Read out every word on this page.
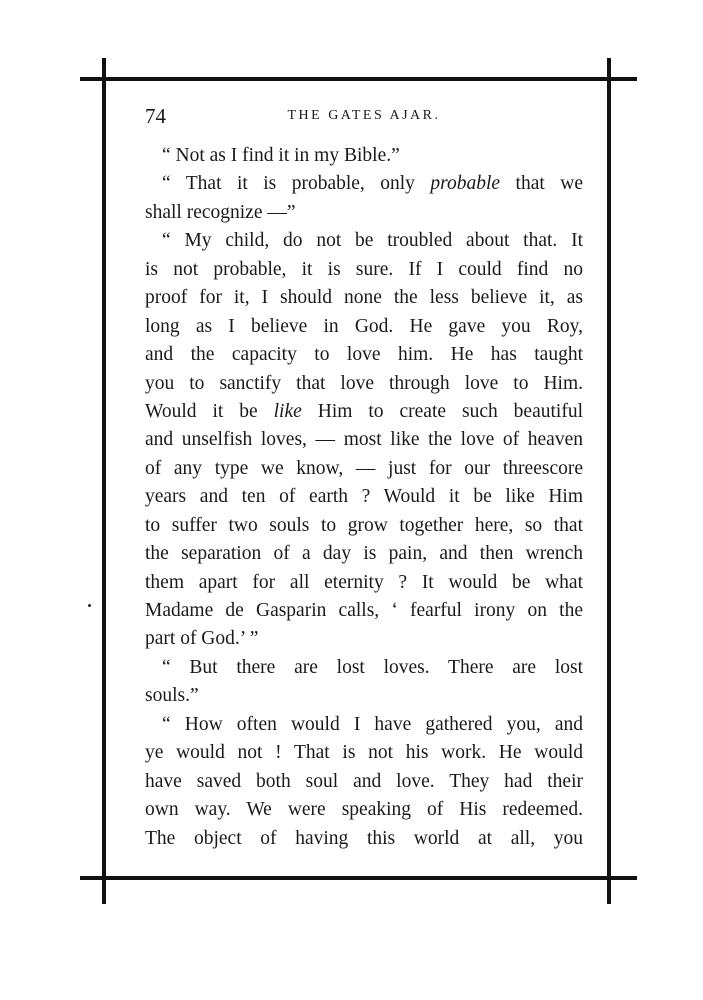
74	THE GATES AJAR.
“ Not as I find it in my Bible.”
“ That it is probable, only probable that we
shall recognize —”
“ My child, do not be troubled about that. It
is not probable, it is sure. If I could find no
proof for it, I should none the less believe it, as
long as I believe in God. He gave you Roy,
and the capacity to love him. He has taught
you to sanctify that love through love to Him.
Would it be like Him to create such beautiful
and unselfish loves, — most like the love of heaven
of any type we know, — just for our threescore
years and ten of earth ? Would it be like Him
to suffer two souls to grow together here, so that
the separation of a day is pain, and then wrench
them apart for all eternity ? It would be what
Madame de Gasparin calls, ‘ fearful irony on the
part of God.’ ”
“ But there are lost loves. There are lost
souls.”
“ How often would I have gathered you, and
ye would not ! That is not his work. He would
have saved both soul and love. They had their
own way. We were speaking of His redeemed.
The object of having this world at all, you
